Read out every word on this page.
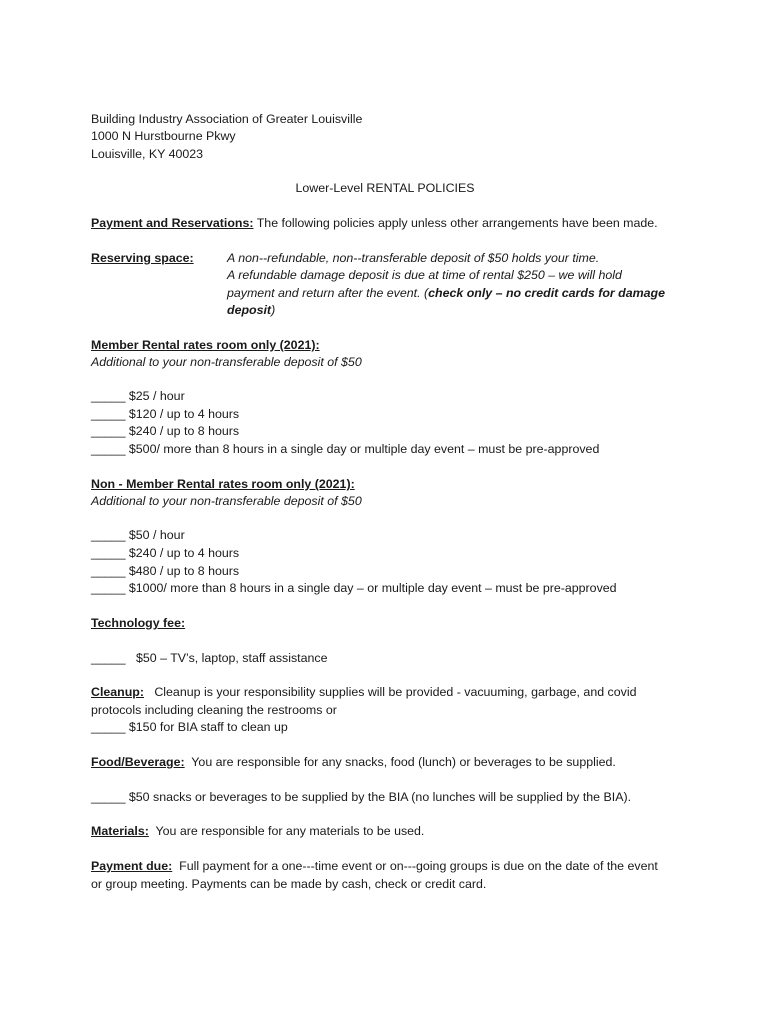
Building Industry Association of Greater Louisville
1000 N Hurstbourne Pkwy
Louisville, KY 40023
Lower-Level RENTAL POLICIES
Payment and Reservations: The following policies apply unless other arrangements have been made.
Reserving space:	A non--refundable, non--transferable deposit of $50 holds your time.
A refundable damage deposit is due at time of rental $250 – we will hold
payment and return after the event. (check only – no credit cards for damage
deposit)
Member Rental rates room only (2021):
Additional to your non-transferable deposit of $50
_____ $25 / hour
_____ $120 / up to 4 hours
_____ $240 / up to 8 hours
_____ $500/ more than 8 hours in a single day or multiple day event – must be pre-approved
Non - Member Rental rates room only (2021):
Additional to your non-transferable deposit of $50
_____ $50 / hour
_____ $240 / up to 4 hours
_____ $480 / up to 8 hours
_____ $1000/ more than 8 hours in a single day – or multiple day event – must be pre-approved
Technology fee:
_____ $50 – TV’s, laptop, staff assistance
Cleanup:   Cleanup is your responsibility supplies will be provided - vacuuming, garbage, and covid
protocols including cleaning the restrooms or
_____ $150 for BIA staff to clean up
Food/Beverage:  You are responsible for any snacks, food (lunch) or beverages to be supplied.
_____ $50 snacks or beverages to be supplied by the BIA (no lunches will be supplied by the BIA).
Materials:  You are responsible for any materials to be used.
Payment due:  Full payment for a one---time event or on---going groups is due on the date of the event
or group meeting. Payments can be made by cash, check or credit card.
